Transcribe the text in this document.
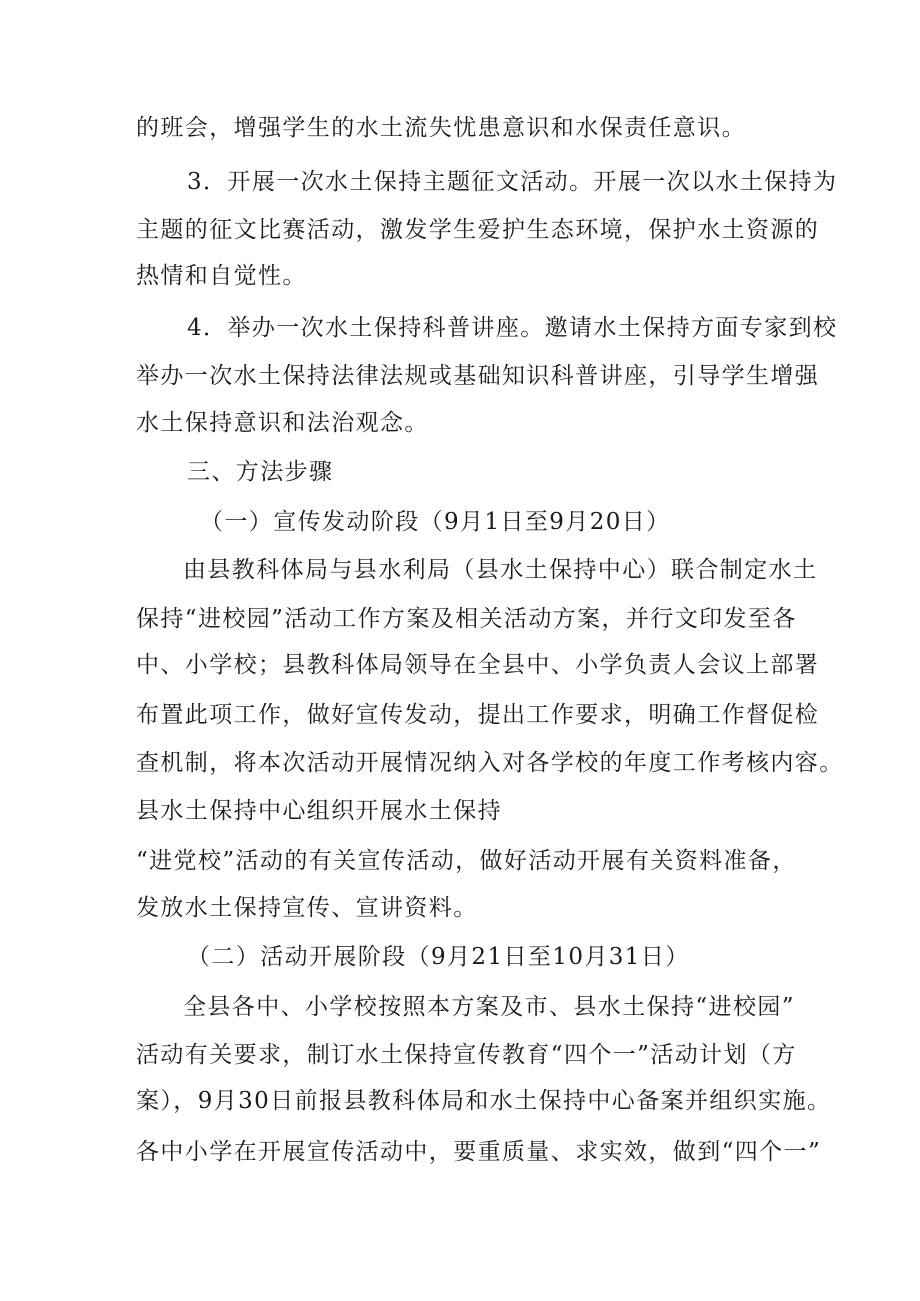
的班会，增强学生的水土流失忧患意识和水保责任意识。
3．开展一次水土保持主题征文活动。开展一次以水土保持为
主题的征文比赛活动，激发学生爱护生态环境，保护水土资源的
热情和自觉性。
4．举办一次水土保持科普讲座。邀请水土保持方面专家到校
举办一次水土保持法律法规或基础知识科普讲座，引导学生增强
水土保持意识和法治观念。
三、方法步骤
（一）宣传发动阶段（9月1日至9月20日）
由县教科体局与县水利局（县水土保持中心）联合制定水土
保持“进校园”活动工作方案及相关活动方案，并行文印发至各
中、小学校；县教科体局领导在全县中、小学负责人会议上部署
布置此项工作，做好宣传发动，提出工作要求，明确工作督促检
查机制，将本次活动开展情况纳入对各学校的年度工作考核内容。
县水土保持中心组织开展水土保持
“进党校”活动的有关宣传活动，做好活动开展有关资料准备，
发放水土保持宣传、宣讲资料。
（二）活动开展阶段（9月21日至10月31日）
全县各中、小学校按照本方案及市、县水土保持“进校园”
活动有关要求，制订水土保持宣传教育“四个一”活动计划（方
案），9月30日前报县教科体局和水土保持中心备案并组织实施。
各中小学在开展宣传活动中，要重质量、求实效，做到“四个一”
